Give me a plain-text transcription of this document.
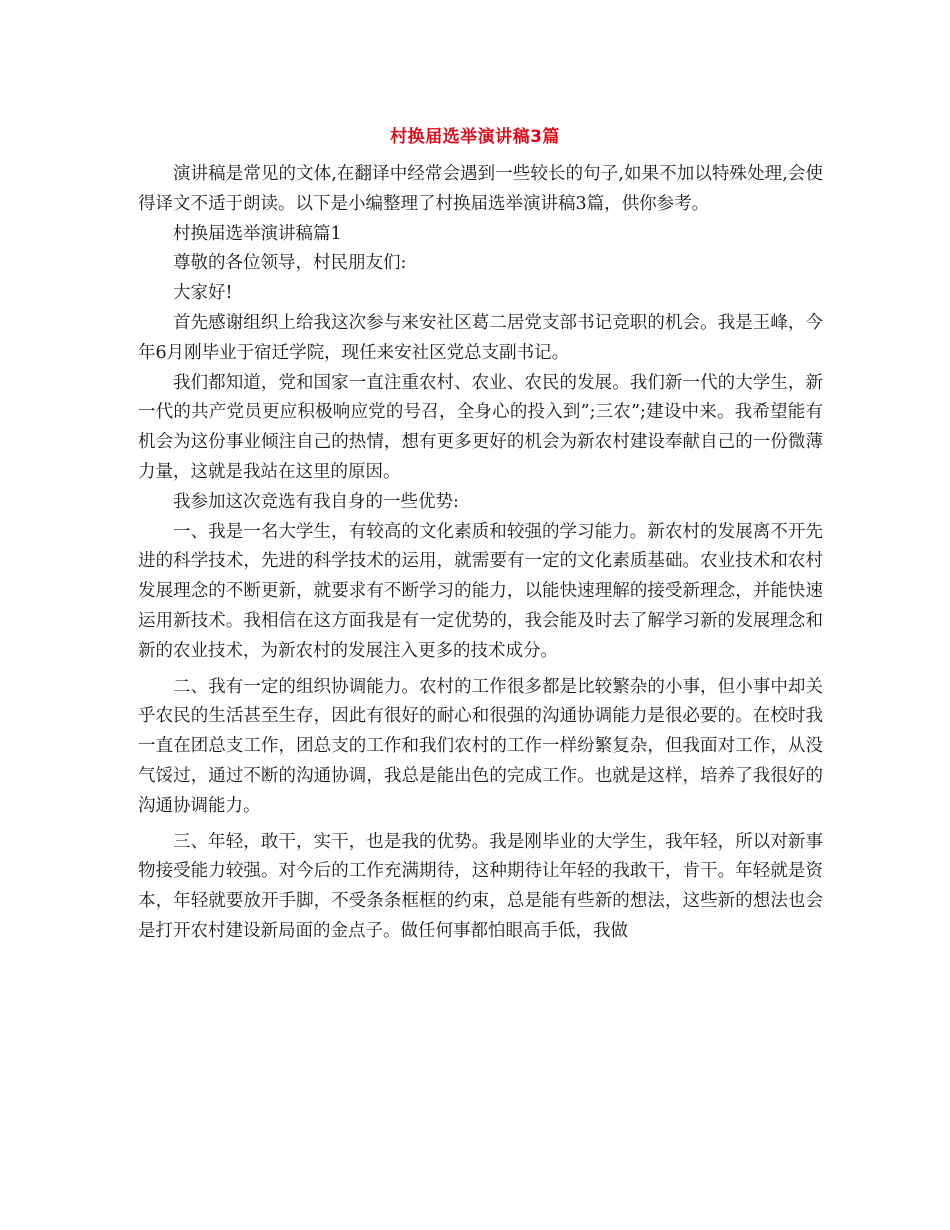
村换届选举演讲稿3篇

演讲稿是常见的文体,在翻译中经常会遇到一些较长的句子,如果不加以特殊处理,会使得译文不适于朗读。以下是小编整理了村换届选举演讲稿3篇，供你参考。

村换届选举演讲稿篇1

尊敬的各位领导，村民朋友们:

大家好!

首先感谢组织上给我这次参与来安社区葛二居党支部书记竞职的机会。我是王峰，今年6月刚毕业于宿迁学院，现任来安社区党总支副书记。

我们都知道，党和国家一直注重农村、农业、农民的发展。我们新一代的大学生，新一代的共产党员更应积极响应党的号召，全身心的投入到”;三农”;建设中来。我希望能有机会为这份事业倾注自己的热情，想有更多更好的机会为新农村建设奉献自己的一份微薄力量，这就是我站在这里的原因。

我参加这次竞选有我自身的一些优势:

一、我是一名大学生，有较高的文化素质和较强的学习能力。新农村的发展离不开先进的科学技术，先进的科学技术的运用，就需要有一定的文化素质基础。农业技术和农村发展理念的不断更新，就要求有不断学习的能力，以能快速理解的接受新理念，并能快速运用新技术。我相信在这方面我是有一定优势的，我会能及时去了解学习新的发展理念和新的农业技术，为新农村的发展注入更多的技术成分。

二、我有一定的组织协调能力。农村的工作很多都是比较繁杂的小事，但小事中却关乎农民的生活甚至生存，因此有很好的耐心和很强的沟通协调能力是很必要的。在校时我一直在团总支工作，团总支的工作和我们农村的工作一样纷繁复杂，但我面对工作，从没气馁过，通过不断的沟通协调，我总是能出色的完成工作。也就是这样，培养了我很好的沟通协调能力。

三、年轻，敢干，实干，也是我的优势。我是刚毕业的大学生，我年轻，所以对新事物接受能力较强。对今后的工作充满期待，这种期待让年轻的我敢干，肯干。年轻就是资本，年轻就要放开手脚，不受条条框框的约束，总是能有些新的想法，这些新的想法也会是打开农村建设新局面的金点子。做任何事都怕眼高手低，我做
